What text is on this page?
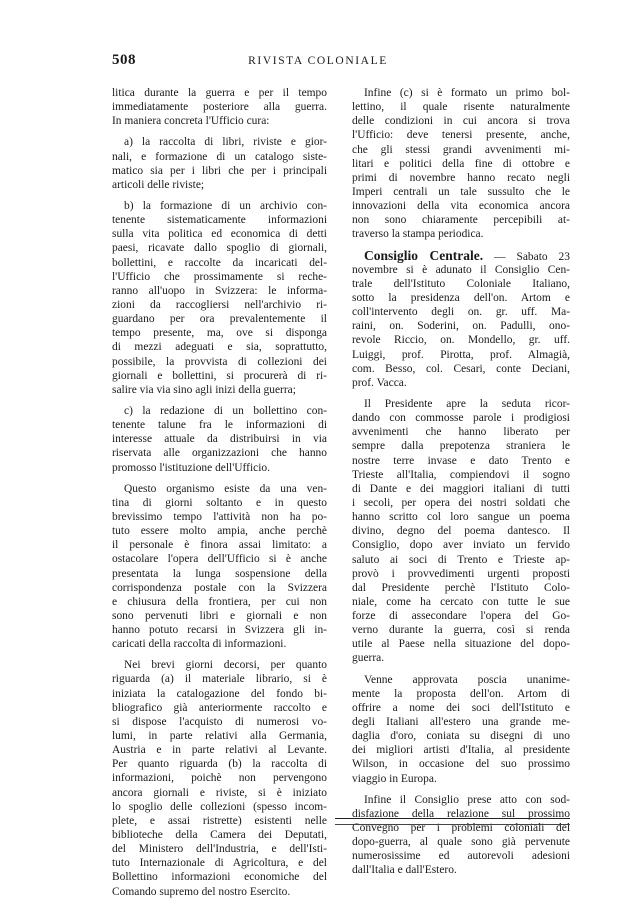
508	RIVISTA COLONIALE
litica durante la guerra e per il tempo
immediatamente posteriore alla guerra.
In maniera concreta l'Ufficio cura:
a) la raccolta di libri, riviste e gior-
nali, e formazione di un catalogo siste-
matico sia per i libri che per i principali
articoli delle riviste;
b) la formazione di un archivio con-
tenente sistematicamente informazioni
sulla vita politica ed economica di detti
paesi, ricavate dallo spoglio di giornali,
bollettini, e raccolte da incaricati del-
l'Ufficio che prossimamente si reche-
ranno all'uopo in Svizzera: le informa-
zioni da raccogliersi nell'archivio ri-
guardano per ora prevalentemente il
tempo presente, ma, ove si disponga
di mezzi adeguati e sia, soprattutto,
possibile, la provvista di collezioni dei
giornali e bollettini, si procurerà di ri-
salire via via sino agli inizi della guerra;
c) la redazione di un bollettino con-
tenente talune fra le informazioni di
interesse attuale da distribuirsi in via
riservata alle organizzazioni che hanno
promosso l'istituzione dell'Ufficio.
Questo organismo esiste da una ven-
tina di giorni soltanto e in questo
brevissimo tempo l'attività non ha po-
tuto essere molto ampia, anche perchè
il personale è finora assai limitato: a
ostacolare l'opera dell'Ufficio si è anche
presentata la lunga sospensione della
corrispondenza postale con la Svizzera
e chiusura della frontiera, per cui non
sono pervenuti libri e giornali e non
hanno potuto recarsi in Svizzera gli in-
caricati della raccolta di informazioni.
Nei brevi giorni decorsi, per quanto
riguarda (a) il materiale librario, si è
iniziata la catalogazione del fondo bi-
bliografico già anteriormente raccolto e
si dispose l'acquisto di numerosi vo-
lumi, in parte relativi alla Germania,
Austria e in parte relativi al Levante.
Per quanto riguarda (b) la raccolta di
informazioni, poichè non pervengono
ancora giornali e riviste, si è iniziato
lo spoglio delle collezioni (spesso incom-
plete, e assai ristrette) esistenti nelle
biblioteche della Camera dei Deputati,
del Ministero dell'Industria, e dell'Isti-
tuto Internazionale di Agricoltura, e del
Bollettino informazioni economiche del
Comando supremo del nostro Esercito.
Infine (c) si è formato un primo bol-
lettino, il quale risente naturalmente
delle condizioni in cui ancora si trova
l'Ufficio: deve tenersi presente, anche,
che gli stessi grandi avvenimenti mi-
litari e politici della fine di ottobre e
primi di novembre hanno recato negli
Imperi centrali un tale sussulto che le
innovazioni della vita economica ancora
non sono chiaramente percepibili at-
traverso la stampa periodica.
Consiglio Centrale. — Sabato 23
novembre si è adunato il Consiglio Cen-
trale dell'Istituto Coloniale Italiano,
sotto la presidenza dell'on. Artom e
coll'intervento degli on. gr. uff. Ma-
raini, on. Soderini, on. Padulli, ono-
revole Riccio, on. Mondello, gr. uff.
Luiggi, prof. Pirotta, prof. Almagià,
com. Besso, col. Cesari, conte Deciani,
prof. Vacca.
Il Presidente apre la seduta ricor-
dando con commosse parole i prodigiosi
avvenimenti che hanno liberato per
sempre dalla prepotenza straniera le
nostre terre invase e dato Trento e
Trieste all'Italia, compiendovi il sogno
di Dante e dei maggiori italiani di tutti
i secoli, per opera dei nostri soldati che
hanno scritto col loro sangue un poema
divino, degno del poema dantesco. Il
Consiglio, dopo aver inviato un fervido
saluto ai soci di Trento e Trieste ap-
provò i provvedimenti urgenti proposti
dal Presidente perchè l'Istituto Colo-
niale, come ha cercato con tutte le sue
forze di assecondare l'opera del Go-
verno durante la guerra, così si renda
utile al Paese nella situazione del dopo-
guerra.
Venne approvata poscia unanime-
mente la proposta dell'on. Artom di
offrire a nome dei soci dell'Istituto e
degli Italiani all'estero una grande me-
daglia d'oro, coniata su disegni di uno
dei migliori artisti d'Italia, al presidente
Wilson, in occasione del suo prossimo
viaggio in Europa.
Infine il Consiglio prese atto con sod-
disfazione della relazione sul prossimo
Convegno per i problemi coloniali del
dopo-guerra, al quale sono già pervenute
numerosissime ed autorevoli adesioni
dall'Italia e dall'Estero.
